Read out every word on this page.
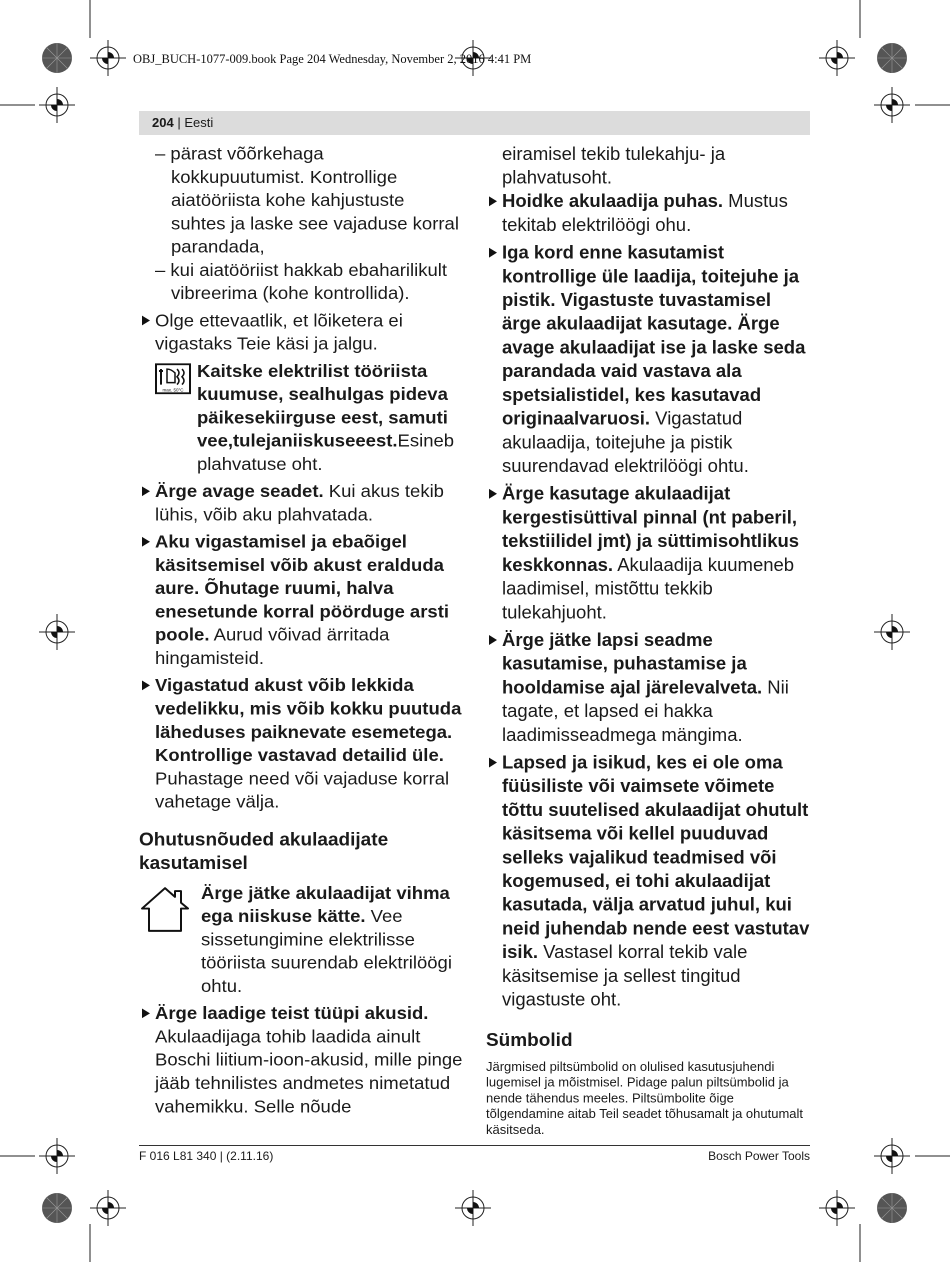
OBJ_BUCH-1077-009.book Page 204 Wednesday, November 2, 2016 4:41 PM
204 | Eesti

– pärast võõrkehaga

kokkupuutumist. Kontrollige

aiatööriista kohe kahjustuste

suhtes ja laske see vajaduse korral

parandada,

– kui aiatööriist hakkab ebaharilikult

vibreerima (kohe kontrollida).

Olge ettevaatlik, et lõiketera ei vigastaks Teie käsi ja jalgu.
max. 50°C
Kaitske elektrilist tööriista kuumuse, sealhulgas pideva päikesekiirguse eest, samuti vee,tulejaniiskuseeest.Esineb plahvatuse oht.
Ärge avage seadet. Kui akus tekib lühis, võib aku plahvatada.
Aku vigastamisel ja ebaõigel käsitsemisel võib akust eralduda aure. Õhutage ruumi, halva enesetunde korral pöörduge arsti poole. Aurud võivad ärritada hingamisteid.
Vigastatud akust võib lekkida vedelikku, mis võib kokku puutuda läheduses paiknevate esemetega. Kontrollige vastavad detailid üle. Puhastage need või vajaduse korral vahetage välja.
Ohutusnõuded akulaadijate kasutamisel
Ärge jätke akulaadijat vihma ega niiskuse kätte. Vee sissetungimine elektrilisse tööriista suurendab elektrilöögi ohtu.
Ärge laadige teist tüüpi akusid. Akulaadijaga tohib laadida ainult Boschi liitium-ioon-akusid, mille pinge jääb tehnilistes andmetes nimetatud vahemikku. Selle nõude

eiramisel tekib tulekahju- ja plahvatusoht.

Hoidke akulaadija puhas. Mustus tekitab elektrilöögi ohu.
Iga kord enne kasutamist kontrollige üle laadija, toitejuhe ja pistik. Vigastuste tuvastamisel ärge akulaadijat kasutage. Ärge avage akulaadijat ise ja laske seda parandada vaid vastava ala spetsialistidel, kes kasutavad originaalvaruosi. Vigastatud akulaadija, toitejuhe ja pistik suurendavad elektrilöögi ohtu.
Ärge kasutage akulaadijat kergestisüttival pinnal (nt paberil, tekstiilidel jmt) ja süttimisohtlikus keskkonnas. Akulaadija kuumeneb laadimisel, mistõttu tekkib tulekahjuoht.
Ärge jätke lapsi seadme kasutamise, puhastamise ja hooldamise ajal järelevalveta. Nii tagate, et lapsed ei hakka laadimisseadmega mängima.
Lapsed ja isikud, kes ei ole oma füüsiliste või vaimsete võimete tõttu suutelised akulaadijat ohutult käsitsema või kellel puuduvad selleks vajalikud teadmised või kogemused, ei tohi akulaadijat kasutada, välja arvatud juhul, kui neid juhendab nende eest vastutav isik. Vastasel korral tekib vale käsitsemise ja sellest tingitud vigastuste oht.
Sümbolid

Järgmised piltsümbolid on olulised kasutusjuhendi lugemisel ja mõistmisel. Pidage palun piltsümbolid ja nende tähendus meeles. Piltsümbolite õige tõlgendamine aitab Teil seadet tõhusamalt ja ohutumalt käsitseda.

F 016 L81 340 | (2.11.16)	Bosch Power Tools
